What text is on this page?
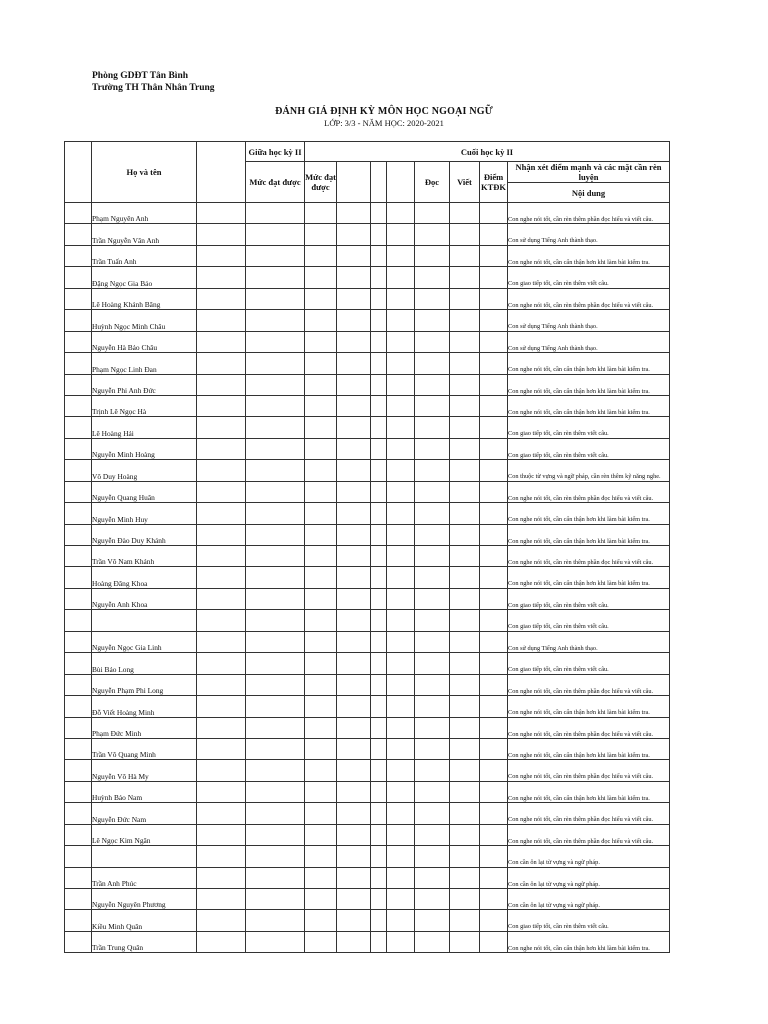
Phòng GDĐT Tân Bình
Trường TH Thân Nhân Trung
ĐÁNH GIÁ ĐỊNH KỲ MÔN HỌC NGOẠI NGỮ
LỚP: 3/3 - NĂM HỌC: 2020-2021
	Họ và tên		Giữa học kỳ II	Cuối học kỳ II							
			Mức đạt được	Mức đạt được				Đọc	Viết	Điểm KTĐK	Nhận xét điểm mạnh và các mặt cần rèn luyện
											Nội dung
	Phạm Nguyên Anh										Con nghe nói tốt, cần rèn thêm phần đọc hiểu và viết câu.
	Trần Nguyễn Vân Anh										Con sử dụng Tiếng Anh thành thạo.
	Trần Tuấn Anh										Con nghe nói tốt, cần cẩn thận hơn khi làm bài kiểm tra.
	Đặng Ngọc Gia Bảo										Con giao tiếp tốt, cần rèn thêm viết câu.
	Lê Hoàng Khánh Băng										Con nghe nói tốt, cần rèn thêm phần đọc hiểu và viết câu.
	Huỳnh Ngọc Minh Châu										Con sử dụng Tiếng Anh thành thạo.
	Nguyễn Hà Bảo Châu										Con sử dụng Tiếng Anh thành thạo.
	Phạm Ngọc Linh Đan										Con nghe nói tốt, cần cẩn thận hơn khi làm bài kiểm tra.
	Nguyễn Phi Anh Đức										Con nghe nói tốt, cần cẩn thận hơn khi làm bài kiểm tra.
	Trịnh Lê Ngọc Hà										Con nghe nói tốt, cần cẩn thận hơn khi làm bài kiểm tra.
	Lê Hoàng Hải										Con giao tiếp tốt, cần rèn thêm viết câu.
	Nguyễn Minh Hoàng										Con giao tiếp tốt, cần rèn thêm viết câu.
	Võ Duy Hoàng										Con thuộc từ vựng và ngữ pháp, cần rèn thêm kỹ năng nghe.
	Nguyễn Quang Huân										Con nghe nói tốt, cần rèn thêm phần đọc hiểu và viết câu.
	Nguyễn Minh Huy										Con nghe nói tốt, cần cẩn thận hơn khi làm bài kiểm tra.
	Nguyễn Đào Duy Khánh										Con nghe nói tốt, cần cẩn thận hơn khi làm bài kiểm tra.
	Trần Võ Nam Khánh										Con nghe nói tốt, cần rèn thêm phần đọc hiểu và viết câu.
	Hoàng Đăng Khoa										Con nghe nói tốt, cần cẩn thận hơn khi làm bài kiểm tra.
	Nguyễn Anh Khoa										Con giao tiếp tốt, cần rèn thêm viết câu.
											Con giao tiếp tốt, cần rèn thêm viết câu.
	Nguyễn Ngọc Gia Linh										Con sử dụng Tiếng Anh thành thạo.
	Bùi Bảo Long										Con giao tiếp tốt, cần rèn thêm viết câu.
	Nguyễn Phạm Phi Long										Con nghe nói tốt, cần rèn thêm phần đọc hiểu và viết câu.
	Đỗ Viết Hoàng Minh										Con nghe nói tốt, cần cẩn thận hơn khi làm bài kiểm tra.
	Phạm Đức Minh										Con nghe nói tốt, cần rèn thêm phần đọc hiểu và viết câu.
	Trần Võ Quang Minh										Con nghe nói tốt, cần cẩn thận hơn khi làm bài kiểm tra.
	Nguyễn Võ Hà My										Con nghe nói tốt, cần rèn thêm phần đọc hiểu và viết câu.
	Huỳnh Bảo Nam										Con nghe nói tốt, cần cẩn thận hơn khi làm bài kiểm tra.
	Nguyễn Đức Nam										Con nghe nói tốt, cần rèn thêm phần đọc hiểu và viết câu.
	Lê Ngọc Kim Ngân										Con nghe nói tốt, cần rèn thêm phần đọc hiểu và viết câu.
											Con cần ôn lại từ vựng và ngữ pháp.
	Trần Anh Phúc										Con cần ôn lại từ vựng và ngữ pháp.
	Nguyễn Nguyên Phương										Con cần ôn lại từ vựng và ngữ pháp.
	Kiều Minh Quân										Con giao tiếp tốt, cần rèn thêm viết câu.
	Trần Trung Quân										Con nghe nói tốt, cần cẩn thận hơn khi làm bài kiểm tra.
